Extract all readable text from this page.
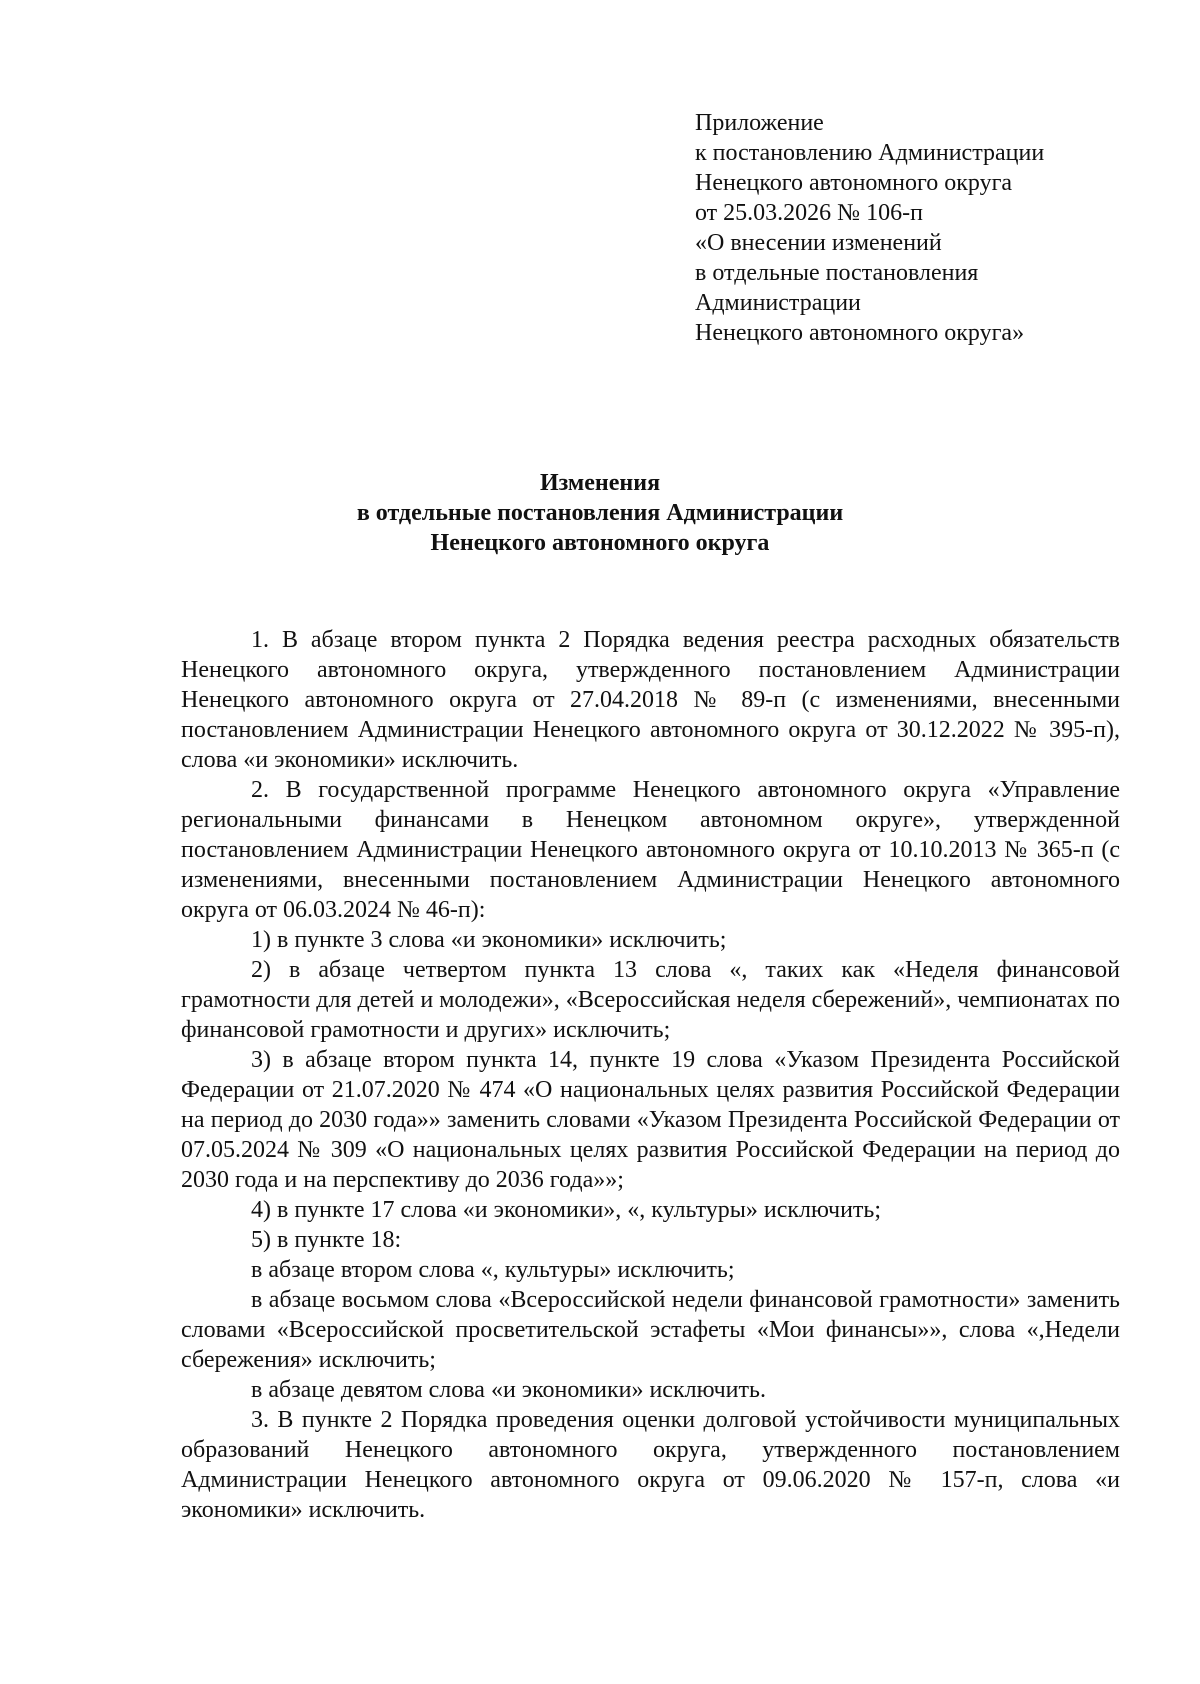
Приложение
к постановлению Администрации
Ненецкого автономного округа
от 25.03.2026 № 106-п
«О внесении изменений
в отдельные постановления
Администрации
Ненецкого автономного округа»
Изменения
в отдельные постановления Администрации
Ненецкого автономного округа

1. В абзаце втором пункта 2 Порядка ведения реестра расходных обязательств Ненецкого автономного округа, утвержденного постановлением Администрации Ненецкого автономного округа от 27.04.2018 № 89-п (с изменениями, внесенными постановлением Администрации Ненецкого автономного округа от 30.12.2022 № 395-п), слова «и экономики» исключить.

2. В государственной программе Ненецкого автономного округа «Управление региональными финансами в Ненецком автономном округе», утвержденной постановлением Администрации Ненецкого автономного округа от 10.10.2013 № 365-п (с изменениями, внесенными постановлением Администрации Ненецкого автономного округа от 06.03.2024 № 46-п):

1) в пункте 3 слова «и экономики» исключить;

2) в абзаце четвертом пункта 13 слова «, таких как «Неделя финансовой грамотности для детей и молодежи», «Всероссийская неделя сбережений», чемпионатах по финансовой грамотности и других» исключить;

3) в абзаце втором пункта 14, пункте 19 слова «Указом Президента Российской Федерации от 21.07.2020 № 474 «О национальных целях развития Российской Федерации на период до 2030 года»» заменить словами «Указом Президента Российской Федерации от 07.05.2024 № 309 «О национальных целях развития Российской Федерации на период до 2030 года и на перспективу до 2036 года»»;

4) в пункте 17 слова «и экономики», «, культуры» исключить;

5) в пункте 18:

в абзаце втором слова «, культуры» исключить;

в абзаце восьмом слова «Всероссийской недели финансовой грамотности» заменить словами «Всероссийской просветительской эстафеты «Мои финансы»», слова «,Недели сбережения» исключить;

в абзаце девятом слова «и экономики» исключить.

3. В пункте 2 Порядка проведения оценки долговой устойчивости муниципальных образований Ненецкого автономного округа, утвержденного постановлением Администрации Ненецкого автономного округа от 09.06.2020 № 157-п, слова «и экономики» исключить.
